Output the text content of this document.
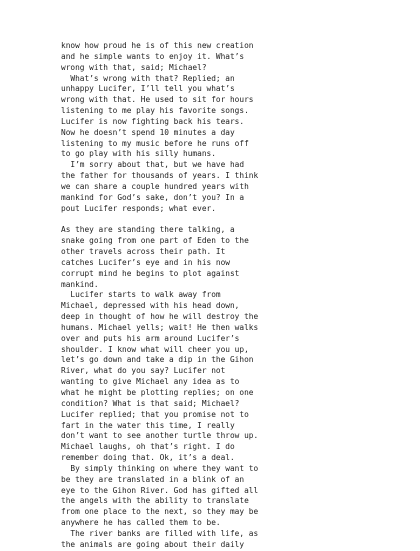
know how proud he is of this new creation
and he simple wants to enjoy it. What’s
wrong with that, said; Michael?
What’s wrong with that? Replied; an
unhappy Lucifer, I’ll tell you what’s
wrong with that. He used to sit for hours
listening to me play his favorite songs.
Lucifer is now fighting back his tears.
Now he doesn’t spend 10 minutes a day
listening to my music before he runs off
to go play with his silly humans.
I’m sorry about that, but we have had
the father for thousands of years. I think
we can share a couple hundred years with
mankind for God’s sake, don’t you? In a
pout Lucifer responds; what ever.
As they are standing there talking, a
snake going from one part of Eden to the
other travels across their path. It
catches Lucifer’s eye and in his now
corrupt mind he begins to plot against
mankind.
Lucifer starts to walk away from
Michael, depressed with his head down,
deep in thought of how he will destroy the
humans. Michael yells; wait! He then walks
over and puts his arm around Lucifer’s
shoulder. I know what will cheer you up,
let’s go down and take a dip in the Gihon
River, what do you say? Lucifer not
wanting to give Michael any idea as to
what he might be plotting replies; on one
condition? What is that said; Michael?
Lucifer replied; that you promise not to
fart in the water this time, I really
don’t want to see another turtle throw up.
Michael laughs, oh that’s right. I do
remember doing that. Ok, it’s a deal.
By simply thinking on where they want to
be they are translated in a blink of an
eye to the Gihon River. God has gifted all
the angels with the ability to translate
from one place to the next, so they may be
anywhere he has called them to be.
The river banks are filled with life, as
the animals are going about their daily
